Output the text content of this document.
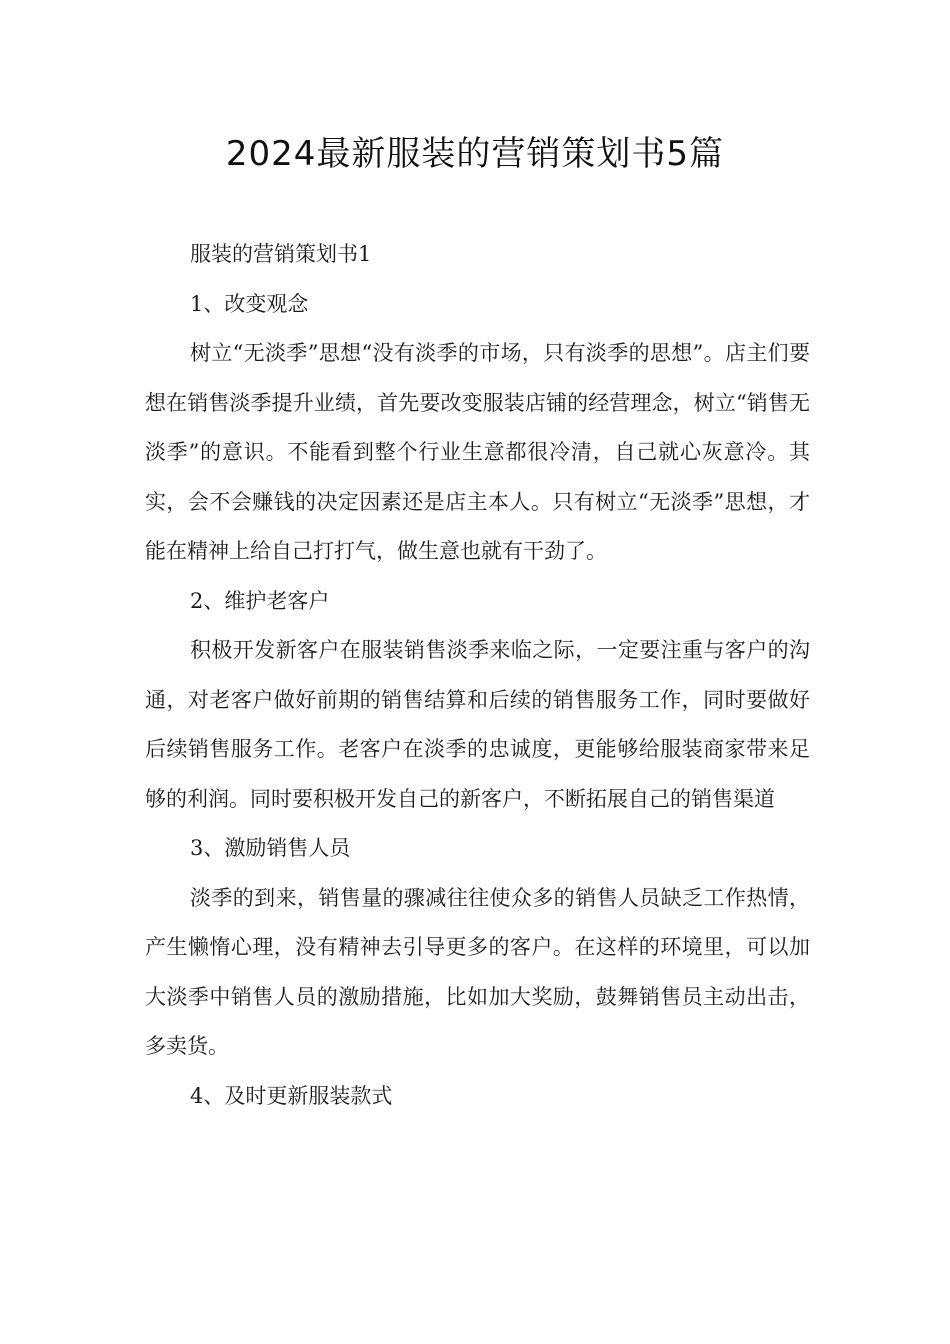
2024最新服装的营销策划书5篇

服装的营销策划书1

1、改变观念

树立“无淡季”思想“没有淡季的市场，只有淡季的思想”。店主们要想在销售淡季提升业绩，首先要改变服装店铺的经营理念，树立“销售无淡季”的意识。不能看到整个行业生意都很冷清，自己就心灰意冷。其实，会不会赚钱的决定因素还是店主本人。只有树立“无淡季”思想，才能在精神上给自己打打气，做生意也就有干劲了。

2、维护老客户

积极开发新客户在服装销售淡季来临之际，一定要注重与客户的沟通，对老客户做好前期的销售结算和后续的销售服务工作，同时要做好后续销售服务工作。老客户在淡季的忠诚度，更能够给服装商家带来足够的利润。同时要积极开发自己的新客户，不断拓展自己的销售渠道

3、激励销售人员

淡季的到来，销售量的骤减往往使众多的销售人员缺乏工作热情，产生懒惰心理，没有精神去引导更多的客户。在这样的环境里，可以加大淡季中销售人员的激励措施，比如加大奖励，鼓舞销售员主动出击，多卖货。

4、及时更新服装款式
